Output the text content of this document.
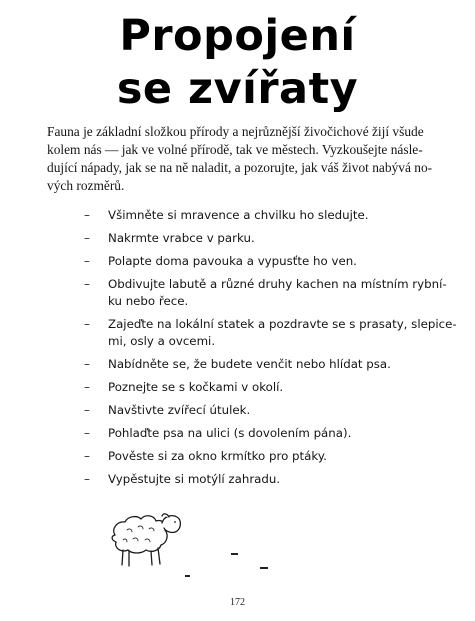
Propojení
se zvířaty
Fauna je základní složkou přírody a nejrůznější živočichové žijí všude
kolem nás — jak ve volné přírodě, tak ve městech. Vyzkoušejte násle-
dující nápady, jak se na ně naladit, a pozorujte, jak váš život nabývá no-
vých rozměrů.
– Všimněte si mravence a chvilku ho sledujte.
– Nakrmte vrabce v parku.
– Polapte doma pavouka a vypusťte ho ven.
– Obdivujte labutě a různé druhy kachen na místním rybní-
ku nebo řece.
– Zajeďte na lokální statek a pozdravte se s prasaty, slepice-
mi, osly a ovcemi.
– Nabídněte se, že budete venčit nebo hlídat psa.
– Poznejte se s kočkami v okolí.
– Navštivte zvířecí útulek.
– Pohlaďte psa na ulici (s dovolením pána).
– Pověste si za okno krmítko pro ptáky.
– Vypěstujte si motýlí zahradu.
172
